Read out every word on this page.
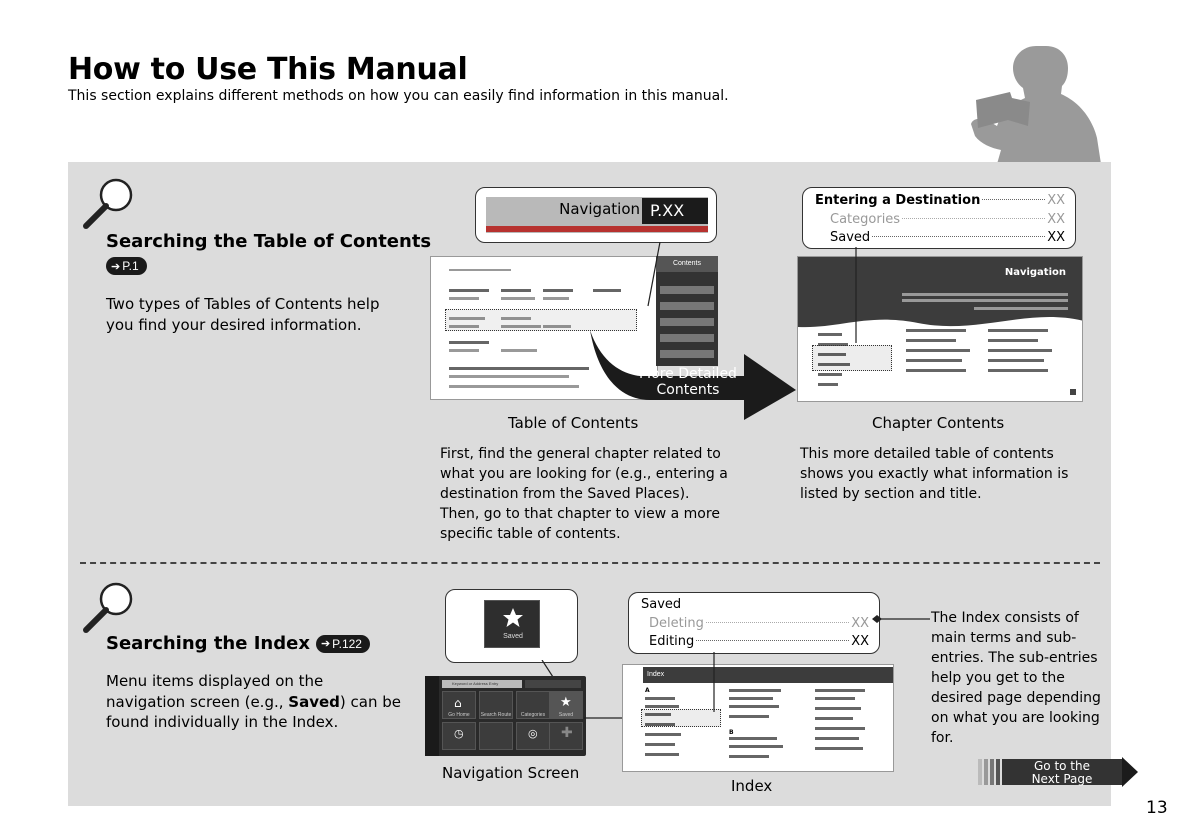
How to Use This Manual
This section explains different methods on how you can easily find information in this manual.
Searching the Table of Contents
➔ P.1
Two types of Tables of Contents help you find your desired information.
Contents
Navigation P.XX
More Detailed
Contents
Table of Contents
Navigation
Entering a Destination	XX
Categories	XX
Saved	XX
Chapter Contents
First, find the general chapter related to what you are looking for (e.g., entering a destination from the Saved Places). Then, go to that chapter to view a more specific table of contents.
This more detailed table of contents shows you exactly what information is listed by section and title.
Searching the Index ➔ P.122
Menu items displayed on the navigation screen (e.g., Saved) can be found individually in the Index.
Saved
Keyword or Address Entry
⌂	★
◷	◎ ✚
Go Home	Search Route	Categories	Saved
Navigation Screen
Index
A
B
Saved
Deleting	XX
Editing	XX
Index
The Index consists of main terms and sub-entries. The sub-entries help you get to the desired page depending on what you are looking for.
Go to the
Next Page
13
